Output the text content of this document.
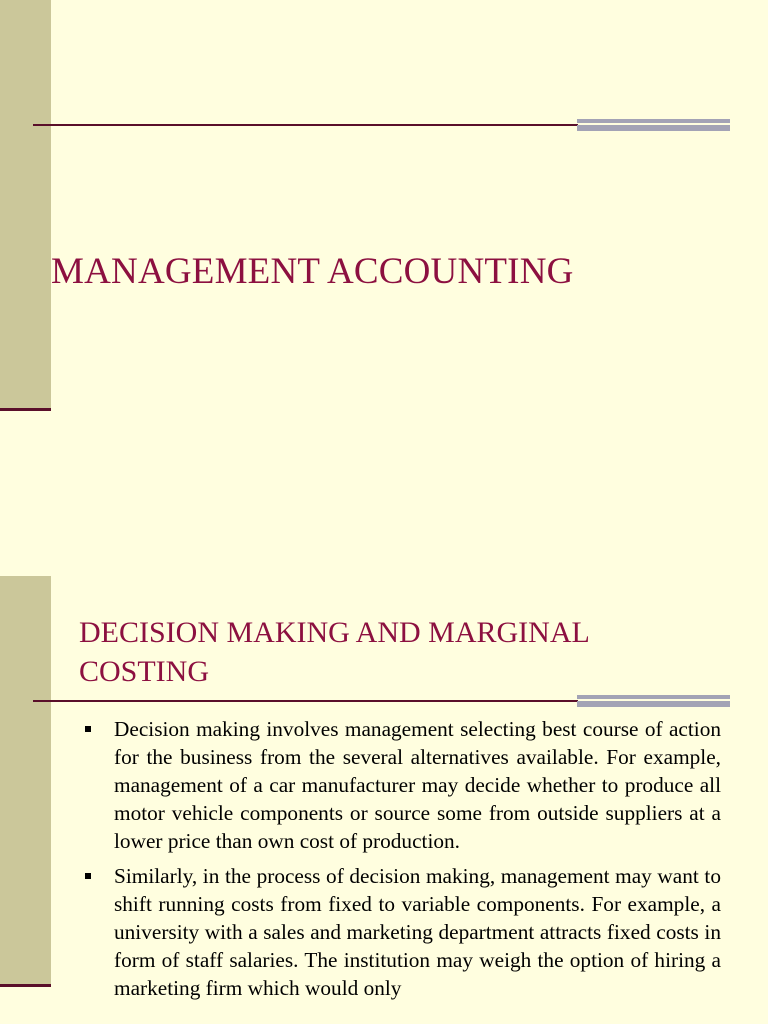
MANAGEMENT ACCOUNTING
DECISION MAKING AND MARGINAL COSTING
Decision making involves management selecting best course of action for the business from the several alternatives available. For example, management of a car manufacturer may decide whether to produce all motor vehicle components or source some from outside suppliers at a lower price than own cost of production.
Similarly, in the process of decision making, management may want to shift running costs from fixed to variable components. For example, a university with a sales and marketing department attracts fixed costs in form of staff salaries. The institution may weigh the option of hiring a marketing firm which would only
